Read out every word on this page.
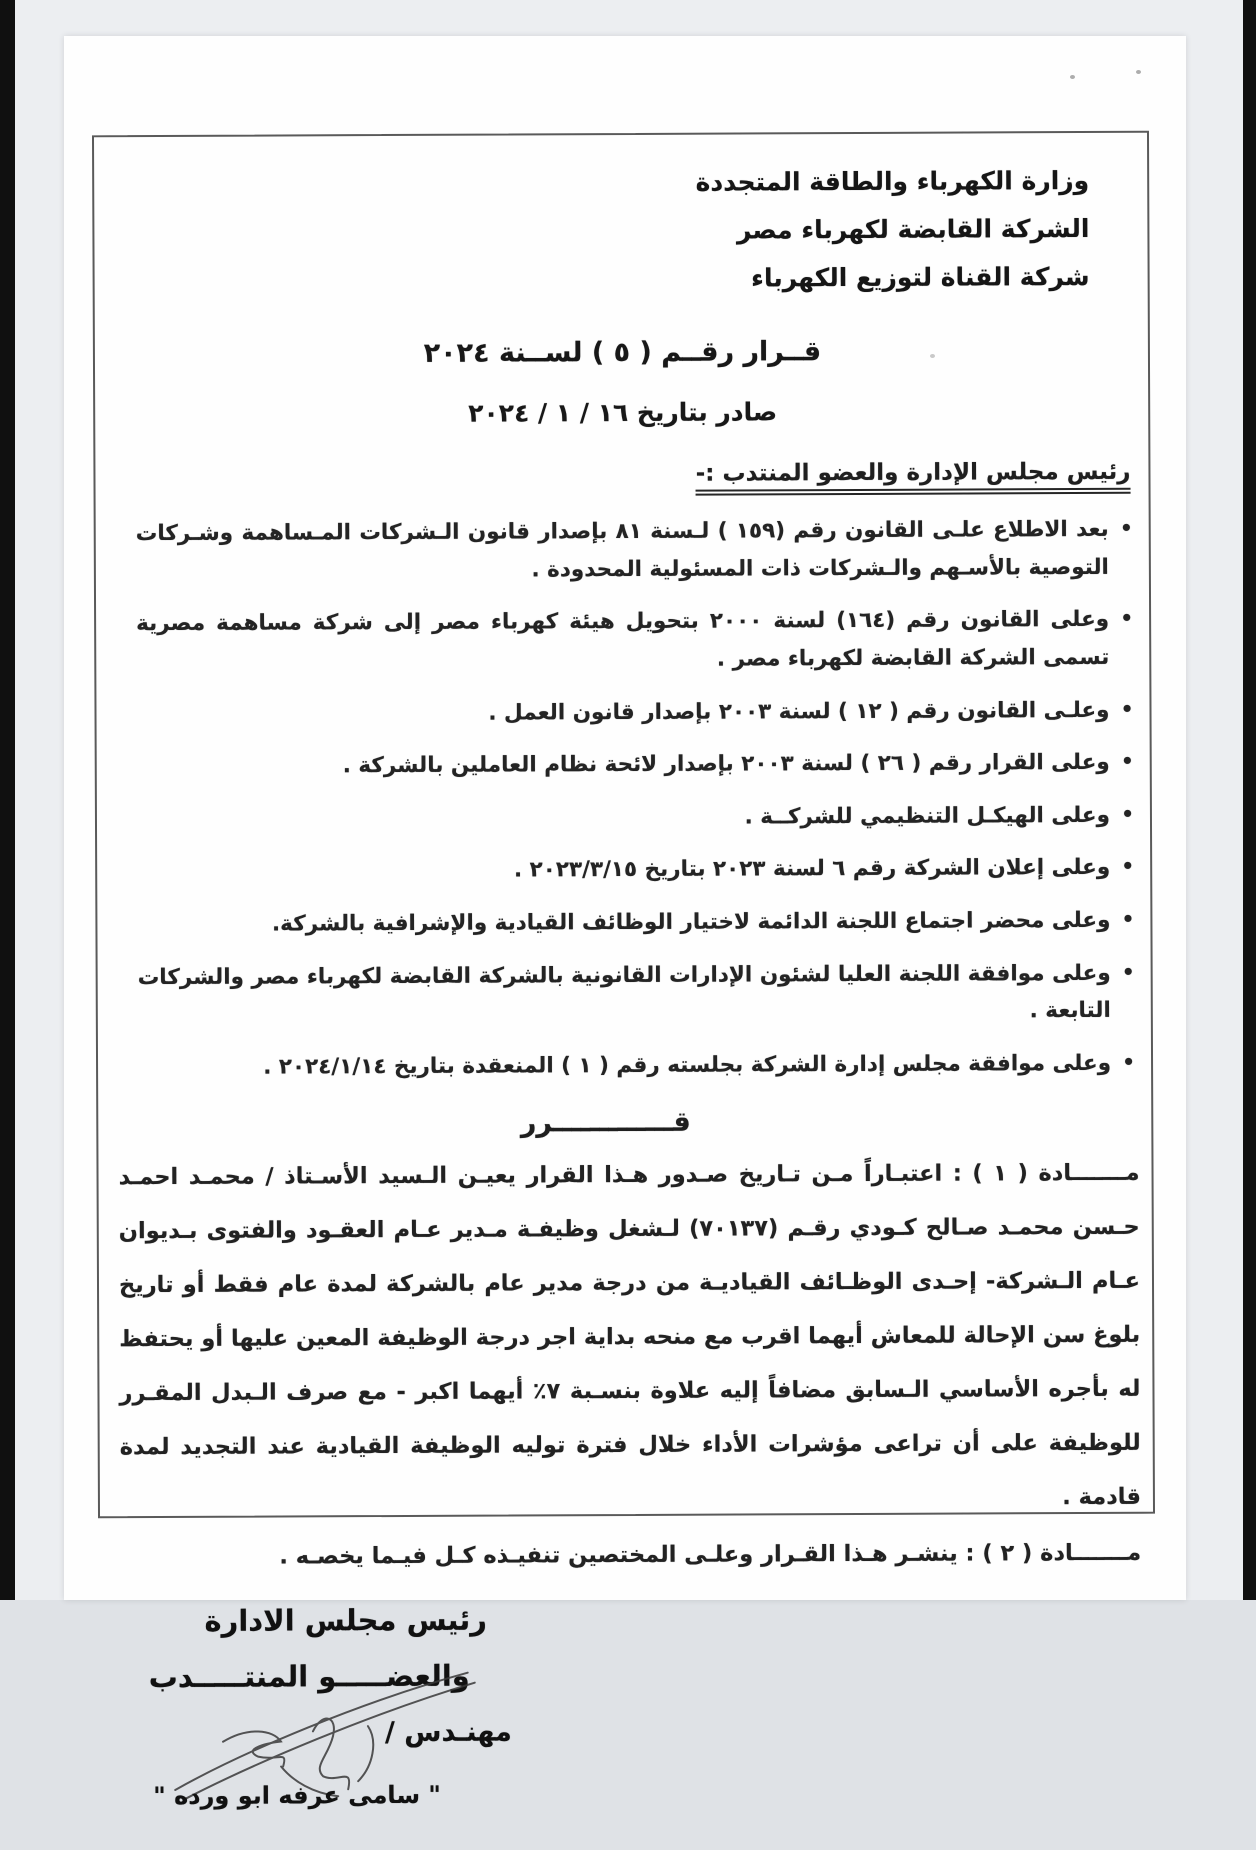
وزارة الكهرباء والطاقة المتجددة
الشركة القابضة لكهرباء مصر
شركة القناة لتوزيع الكهرباء
قــرار رقــم ( ٥ ) لســنة ٢٠٢٤
صادر بتاريخ ١٦ / ١ / ٢٠٢٤
رئيس مجلس الإدارة والعضو المنتدب :-
• بعد الاطلاع علـى القانون رقم (١٥٩ ) لـسنة ٨١ بإصدار قانون الـشركات المـساهمة وشـركات التوصية بالأسـهم والـشركات ذات المسئولية المحدودة .
• وعلى القانون رقم (١٦٤) لسنة ٢٠٠٠ بتحويل هيئة كهرباء مصر إلى شركة مساهمة مصرية تسمى الشركة القابضة لكهرباء مصر .
• وعلـى القانون رقم ( ١٢ ) لسنة ٢٠٠٣ بإصدار قانون العمل .
• وعلى القرار رقم ( ٢٦ ) لسنة ٢٠٠٣ بإصدار لائحة نظام العاملين بالشركة .
• وعلى الهيكـل التنظيمي للشركــة .
• وعلى إعلان الشركة رقم ٦ لسنة ٢٠٢٣ بتاريخ ٢٠٢٣/٣/١٥ .
• وعلى محضر اجتماع اللجنة الدائمة لاختيار الوظائف القيادية والإشرافية بالشركة.
• وعلى موافقة اللجنة العليا لشئون الإدارات القانونية بالشركة القابضة لكهرباء مصر والشركات التابعة .
• وعلى موافقة مجلس إدارة الشركة بجلسته رقم ( ١ ) المنعقدة بتاريخ ٢٠٢٤/١/١٤ .
قـــــــــــــرر

مـــــــادة ( ١ ) : اعتبـاراً مـن تـاريخ صـدور هـذا القرار يعيـن الـسيد الأسـتاذ / محمـد احمـد حـسن محمـد صـالح كـودي رقـم (٧٠١٣٧) لـشغل وظيفـة مـدير عـام العقـود والفتوى بـديوان عـام الـشركة- إحـدى الوظـائف القياديـة من درجة مدير عام بالشركة لمدة عام فقط أو تاريخ بلوغ سن الإحالة للمعاش أيهما اقرب مع منحه بداية اجر درجة الوظيفة المعين عليها أو يحتفظ له بأجره الأساسي الـسابق مضافاً إليه علاوة بنسـبة ٧٪ أيهما اكبر - مع صرف الـبدل المقـرر للوظيفة على أن تراعى مؤشرات الأداء خلال فترة توليه الوظيفة القيادية عند التجديد لمدة قادمة .

مـــــــادة ( ٢ ) : ينشـر هـذا القـرار وعلـى المختصين تنفيـذه كـل فيـما يخصـه .

رئيس مجلس الادارة
والعضـــــو المنتـــــدب
مهنـدس /
" سامى عرفه ابو ورده "
